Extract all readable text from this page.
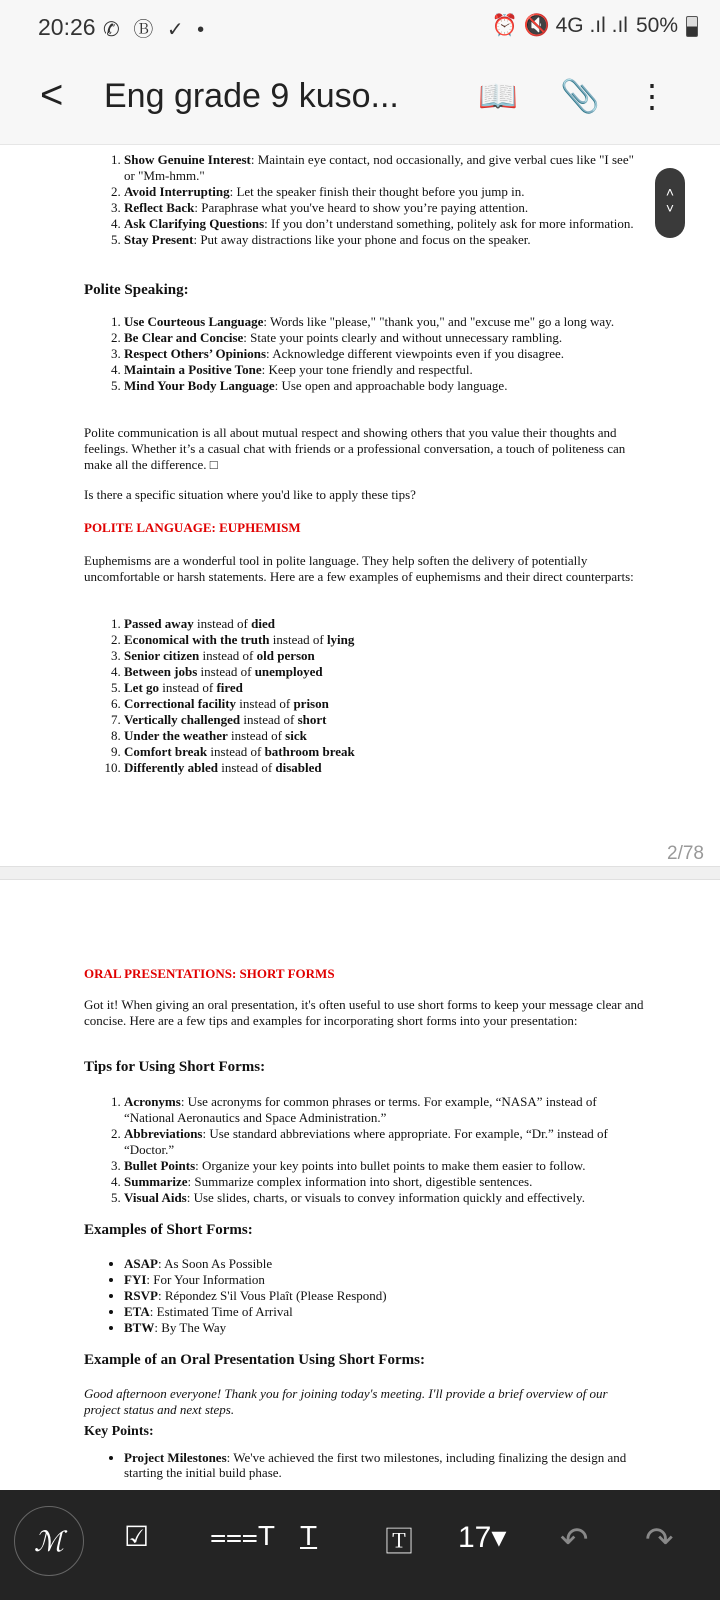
20:26 ✆ Ⓑ ✓ •	⏰ 🔇 4G .ıl .ıl 50%
< Eng grade 9 kuso... 📖 📎 ⋮
1. Show Genuine Interest: Maintain eye contact, nod occasionally, and give verbal cues like "I see" or "Mm-hmm."
2. Avoid Interrupting: Let the speaker finish their thought before you jump in.
3. Reflect Back: Paraphrase what you've heard to show you’re paying attention.
4. Ask Clarifying Questions: If you don’t understand something, politely ask for more information.
5. Stay Present: Put away distractions like your phone and focus on the speaker.
Polite Speaking:
1. Use Courteous Language: Words like "please," "thank you," and "excuse me" go a long way.
2. Be Clear and Concise: State your points clearly and without unnecessary rambling.
3. Respect Others’ Opinions: Acknowledge different viewpoints even if you disagree.
4. Maintain a Positive Tone: Keep your tone friendly and respectful.
5. Mind Your Body Language: Use open and approachable body language.
Polite communication is all about mutual respect and showing others that you value their thoughts and feelings. Whether it’s a casual chat with friends or a professional conversation, a touch of politeness can make all the difference. □
Is there a specific situation where you'd like to apply these tips?
POLITE LANGUAGE: EUPHEMISM
Euphemisms are a wonderful tool in polite language. They help soften the delivery of potentially uncomfortable or harsh statements. Here are a few examples of euphemisms and their direct counterparts:
1. Passed away instead of died
2. Economical with the truth instead of lying
3. Senior citizen instead of old person
4. Between jobs instead of unemployed
5. Let go instead of fired
6. Correctional facility instead of prison
7. Vertically challenged instead of short
8. Under the weather instead of sick
9. Comfort break instead of bathroom break
10. Differently abled instead of disabled
ORAL PRESENTATIONS: SHORT FORMS
Got it! When giving an oral presentation, it's often useful to use short forms to keep your message clear and concise. Here are a few tips and examples for incorporating short forms into your presentation:
Tips for Using Short Forms:
1. Acronyms: Use acronyms for common phrases or terms. For example, “NASA” instead of “National Aeronautics and Space Administration.”
2. Abbreviations: Use standard abbreviations where appropriate. For example, “Dr.” instead of “Doctor.”
3. Bullet Points: Organize your key points into bullet points to make them easier to follow.
4. Summarize: Summarize complex information into short, digestible sentences.
5. Visual Aids: Use slides, charts, or visuals to convey information quickly and effectively.
Examples of Short Forms:
• ASAP: As Soon As Possible
• FYI: For Your Information
• RSVP: Répondez S'il Vous Plaît (Please Respond)
• ETA: Estimated Time of Arrival
• BTW: By The Way
Example of an Oral Presentation Using Short Forms:
Good afternoon everyone! Thank you for joining today's meeting. I'll provide a brief overview of our project status and next steps.
Key Points:
• Project Milestones: We've achieved the first two milestones, including finalizing the design and starting the initial build phase.
2/78
˄
˅
ℳ	☑ ⩶T T 🅃 17▾ ↶ ↷
